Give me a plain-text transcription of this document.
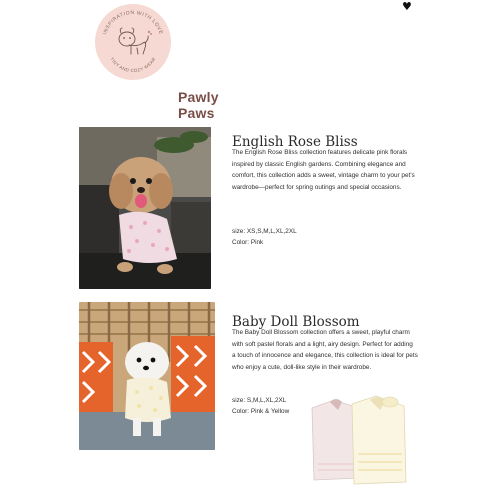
♥
INSPIRATION WITH LOVE
TINY AND COZY WEAR
Pawly Paws
English Rose Bliss
The English Rose Bliss collection features delicate pink florals inspired by classic English gardens. Combining elegance and comfort, this collection adds a sweet, vintage charm to your pet's wardrobe—perfect for spring outings and special occasions.
size: XS,S,M,L,XL,2XL
Color: Pink
Baby Doll Blossom
The Baby Doll Blossom collection offers a sweet, playful charm with soft pastel florals and a light, airy design. Perfect for adding a touch of innocence and elegance, this collection is ideal for pets who enjoy a cute, doll-like style in their wardrobe.
size: S,M,L,XL,2XL
Color: Pink & Yellow
